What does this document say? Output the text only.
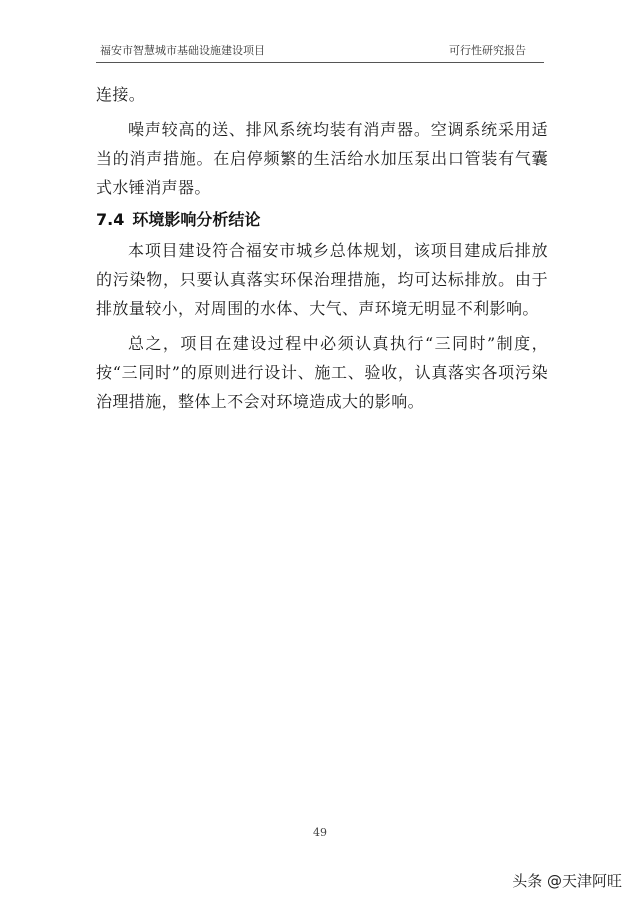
福安市智慧城市基础设施建设项目	可行性研究报告

连接。

噪声较高的送、排风系统均装有消声器。空调系统采用适当的消声措施。在启停频繁的生活给水加压泵出口管装有气囊式水锤消声器。

7.4 环境影响分析结论

本项目建设符合福安市城乡总体规划，该项目建成后排放的污染物，只要认真落实环保治理措施，均可达标排放。由于排放量较小，对周围的水体、大气、声环境无明显不利影响。

总之，项目在建设过程中必须认真执行“三同时”制度，按“三同时”的原则进行设计、施工、验收，认真落实各项污染治理措施，整体上不会对环境造成大的影响。

49
头条 @天津阿旺
